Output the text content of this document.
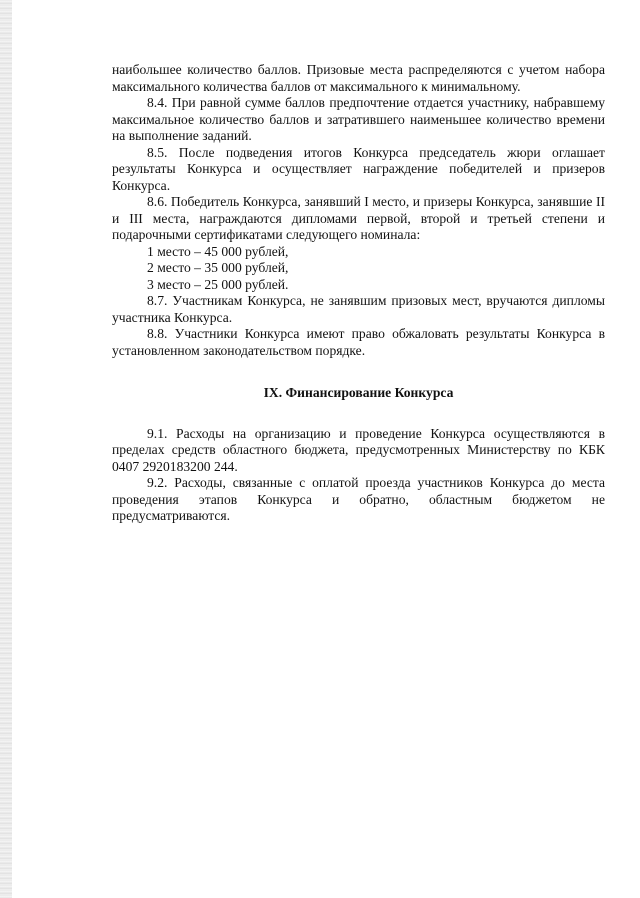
наибольшее количество баллов. Призовые места распределяются с учетом набора максимального количества баллов от максимального к минимальному.

8.4. При равной сумме баллов предпочтение отдается участнику, набравшему максимальное количество баллов и затратившего наименьшее количество времени на выполнение заданий.

8.5. После подведения итогов Конкурса председатель жюри оглашает результаты Конкурса и осуществляет награждение победителей и призеров Конкурса.

8.6. Победитель Конкурса, занявший I место, и призеры Конкурса, занявшие II и III места, награждаются дипломами первой, второй и третьей степени и подарочными сертификатами следующего номинала:

1 место – 45 000 рублей,

2 место – 35 000 рублей,

3 место – 25 000 рублей.

8.7. Участникам Конкурса, не занявшим призовых мест, вручаются дипломы участника Конкурса.

8.8. Участники Конкурса имеют право обжаловать результаты Конкурса в установленном законодательством порядке.

IX. Финансирование Конкурса

9.1. Расходы на организацию и проведение Конкурса осуществляются в пределах средств областного бюджета, предусмотренных Министерству по КБК 0407 2920183200 244.

9.2. Расходы, связанные с оплатой проезда участников Конкурса до места проведения этапов Конкурса и обратно, областным бюджетом не предусматриваются.
